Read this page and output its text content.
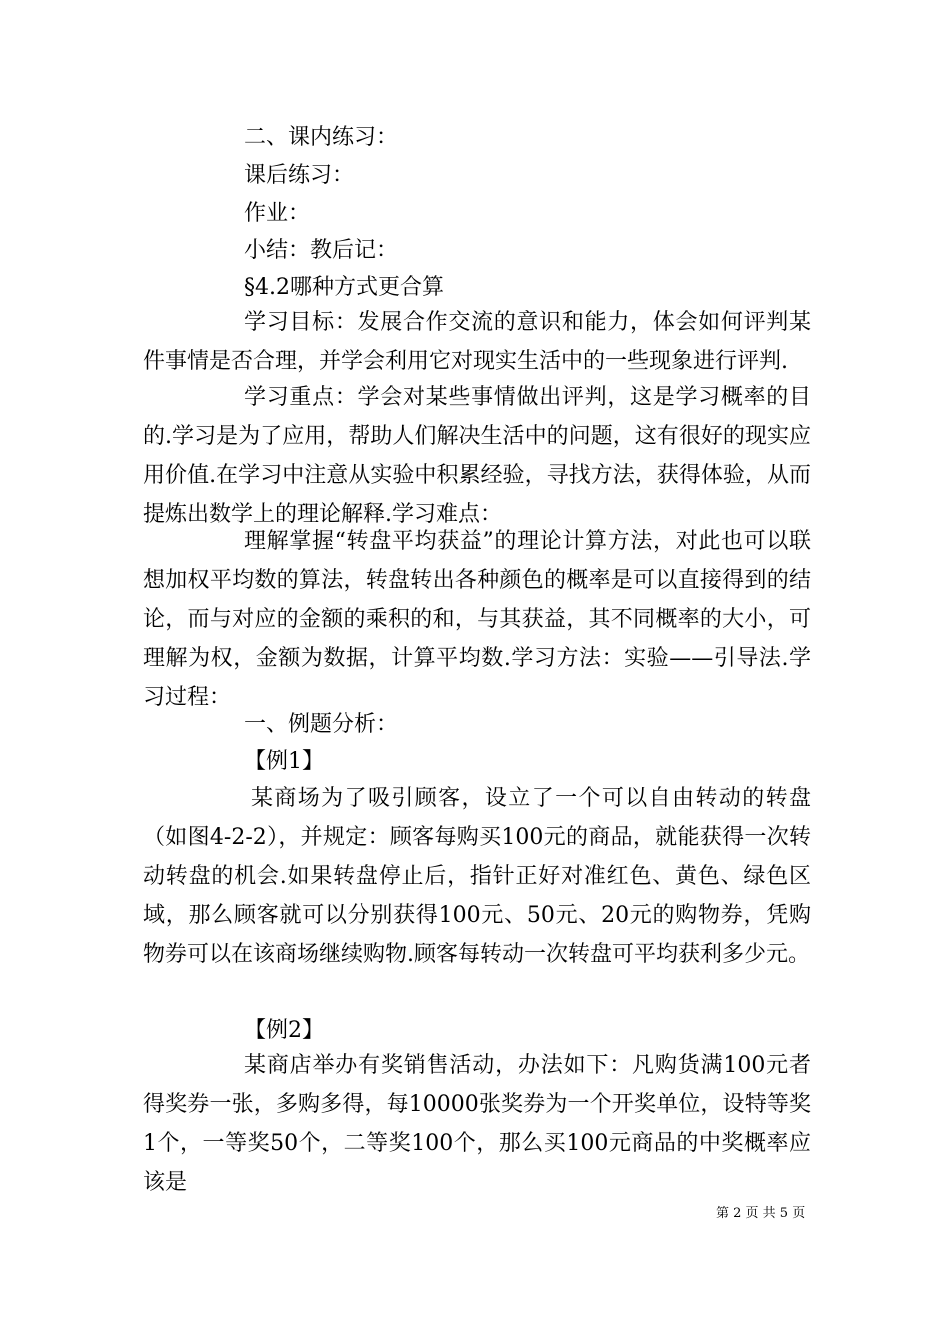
二、课内练习：
课后练习：
作业：
小结：教后记：
§4.2哪种方式更合算
学习目标：发展合作交流的意识和能力，体会如何评判某件事情是否合理，并学会利用它对现实生活中的一些现象进行评判.
学习重点：学会对某些事情做出评判，这是学习概率的目的.学习是为了应用，帮助人们解决生活中的问题，这有很好的现实应用价值.在学习中注意从实验中积累经验，寻找方法，获得体验，从而提炼出数学上的理论解释.学习难点：
理解掌握“转盘平均获益”的理论计算方法，对此也可以联想加权平均数的算法，转盘转出各种颜色的概率是可以直接得到的结论，而与对应的金额的乘积的和，与其获益，其不同概率的大小，可理解为权，金额为数据，计算平均数.学习方法：实验——引导法.学习过程：
一、例题分析：
【例1】
某商场为了吸引顾客，设立了一个可以自由转动的转盘（如图4-2-2），并规定：顾客每购买100元的商品，就能获得一次转动转盘的机会.如果转盘停止后，指针正好对准红色、黄色、绿色区域，那么顾客就可以分别获得100元、50元、20元的购物券，凭购物券可以在该商场继续购物.顾客每转动一次转盘可平均获利多少元。
【例2】
某商店举办有奖销售活动，办法如下：凡购货满100元者得奖券一张，多购多得，每10000张奖券为一个开奖单位，设特等奖1个，一等奖50个，二等奖100个，那么买100元商品的中奖概率应该是
第 2 页 共 5 页
